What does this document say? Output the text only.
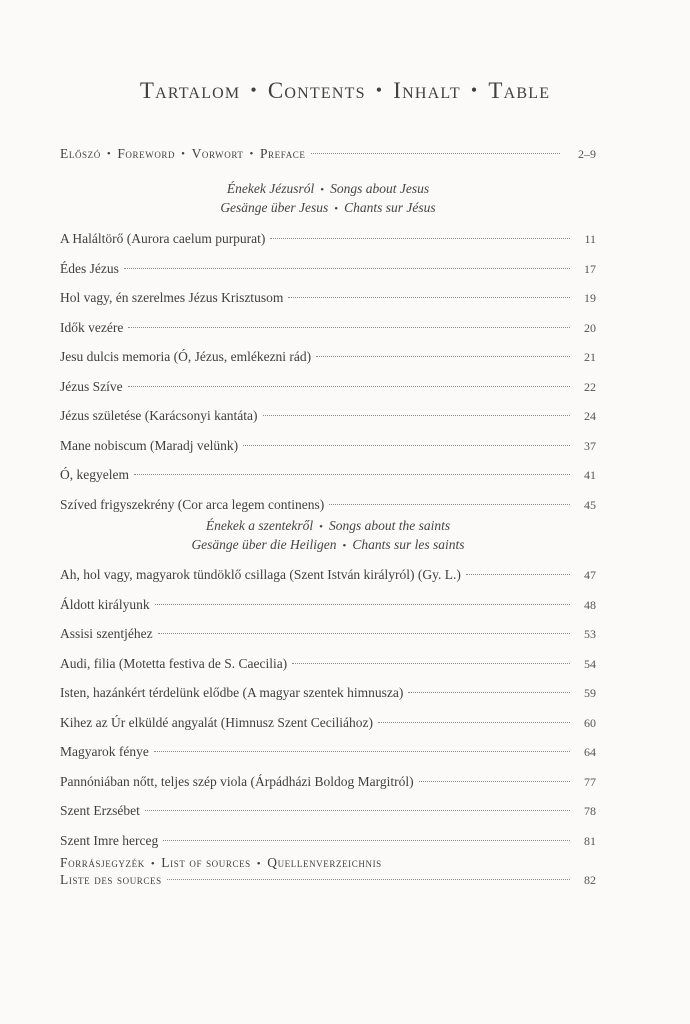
Tartalom • Contents • Inhalt • Table
Előszó • Foreword • Vorwort • Preface	2–9
Énekek Jézusról • Songs about Jesus
Gesänge über Jesus • Chants sur Jésus
A Haláltörő (Aurora caelum purpurat)	11
Édes Jézus	17
Hol vagy, én szerelmes Jézus Krisztusom	19
Idők vezére	20
Jesu dulcis memoria (Ó, Jézus, emlékezni rád)	21
Jézus Szíve	22
Jézus születése (Karácsonyi kantáta)	24
Mane nobiscum (Maradj velünk)	37
Ó, kegyelem	41
Szíved frigyszekrény (Cor arca legem continens)	45
Énekek a szentekről • Songs about the saints
Gesänge über die Heiligen • Chants sur les saints
Ah, hol vagy, magyarok tündöklő csillaga (Szent István királyról) (Gy. L.)	47
Áldott királyunk	48
Assisi szentjéhez	53
Audi, filia (Motetta festiva de S. Caecilia)	54
Isten, hazánkért térdelünk elődbe (A magyar szentek himnusza)	59
Kihez az Úr elküldé angyalát (Himnusz Szent Ceciliához)	60
Magyarok fénye	64
Pannóniában nőtt, teljes szép viola (Árpádházi Boldog Margitról)	77
Szent Erzsébet	78
Szent Imre herceg	81
Forrásjegyzék • List of sources • Quellenverzeichnis
Liste des sources	82
